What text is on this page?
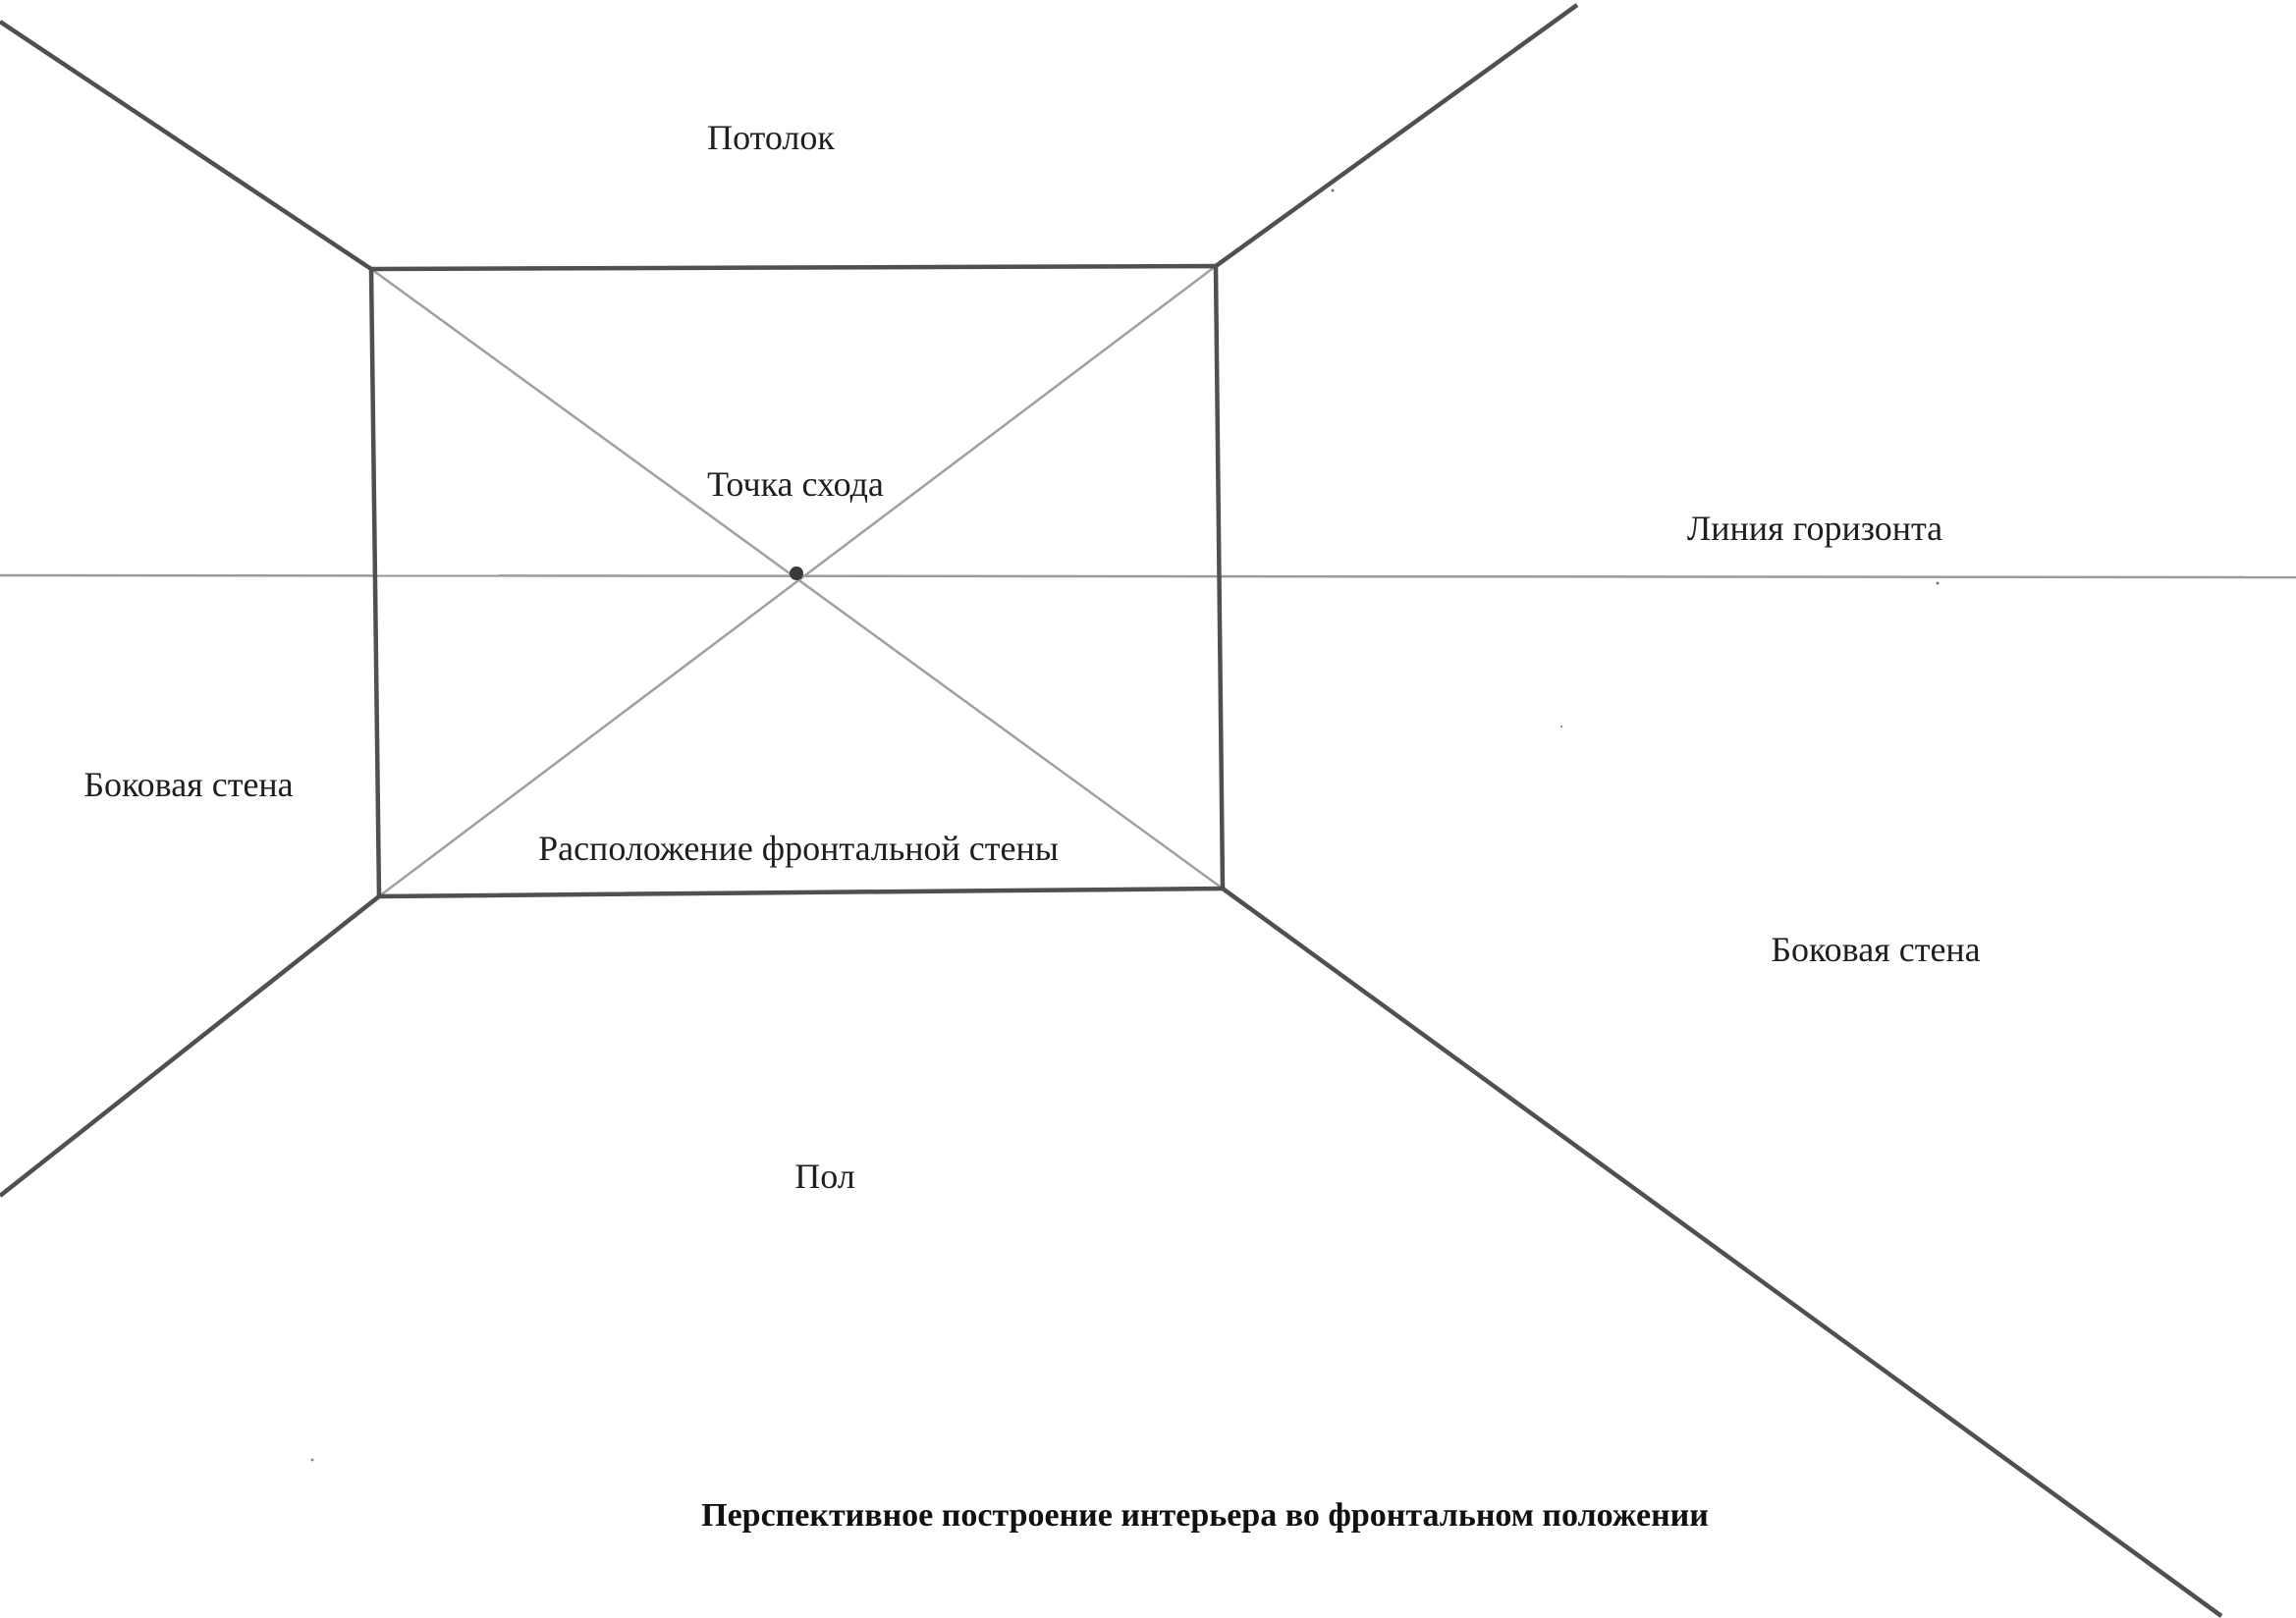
Потолок
Точка схода
Линия горизонта
Боковая стена
Расположение фронтальной стены
Боковая стена
Пол
Перспективное построение интерьера во фронтальном положении
